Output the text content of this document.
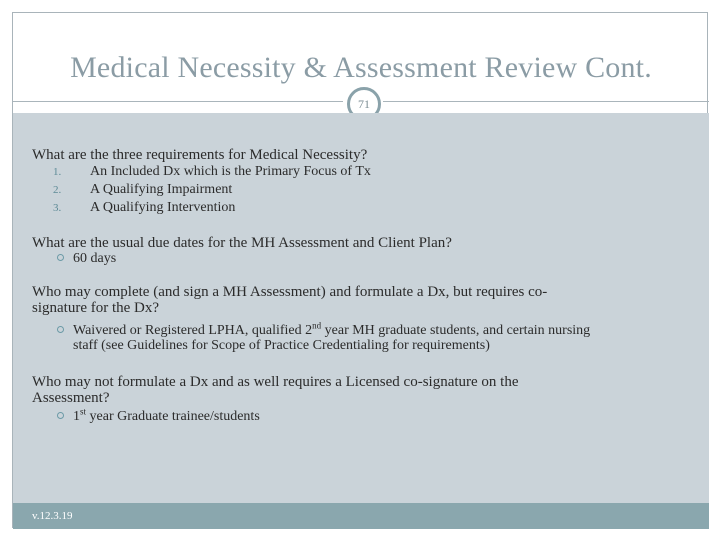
Medical Necessity & Assessment Review Cont.
71

What are the three requirements for Medical Necessity?

1. An Included Dx which is the Primary Focus of Tx
2. A Qualifying Impairment
3. A Qualifying Intervention

What are the usual due dates for the MH Assessment and Client Plan?

60 days

Who may complete (and sign a MH Assessment) and formulate a Dx, but requires co-
signature for the Dx?

Waivered or Registered LPHA, qualified 2nd year MH graduate students, and certain nursing
staff (see Guidelines for Scope of Practice Credentialing for requirements)

Who may not formulate a Dx and as well requires a Licensed co-signature on the
Assessment?

1st year Graduate trainee/students
v.12.3.19
